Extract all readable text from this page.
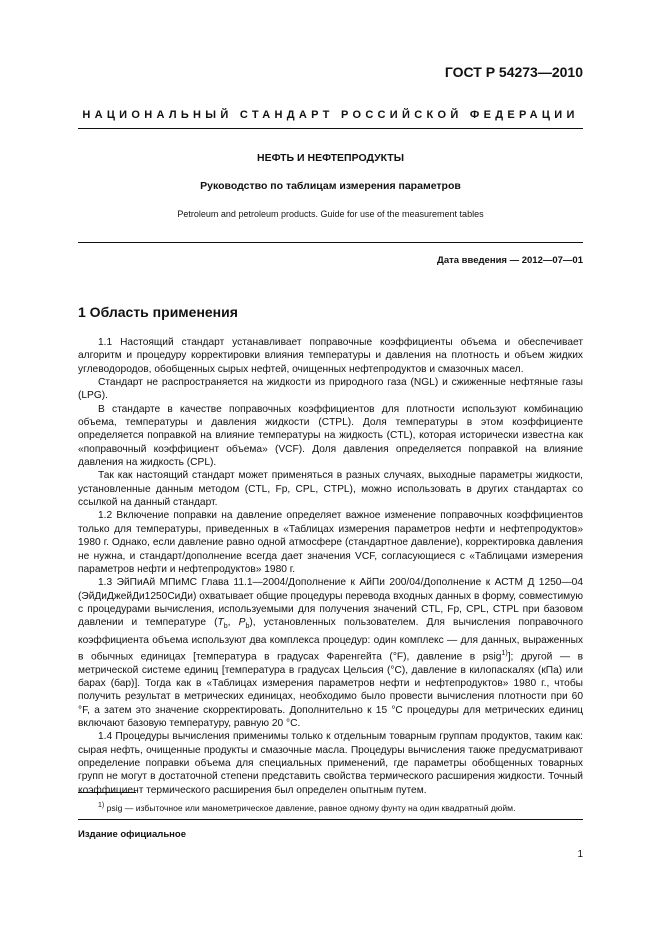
ГОСТ Р 54273—2010
НАЦИОНАЛЬНЫЙ СТАНДАРТ РОССИЙСКОЙ ФЕДЕРАЦИИ
НЕФТЬ И НЕФТЕПРОДУКТЫ
Руководство по таблицам измерения параметров
Petroleum and petroleum products. Guide for use of the measurement tables
Дата введения — 2012—07—01
1 Область применения

1.1 Настоящий стандарт устанавливает поправочные коэффициенты объема и обеспечивает алгоритм и процедуру корректировки влияния температуры и давления на плотность и объем жидких углеводородов, обобщенных сырых нефтей, очищенных нефтепродуктов и смазочных масел.

Стандарт не распространяется на жидкости из природного газа (NGL) и сжиженные нефтяные газы (LPG).

В стандарте в качестве поправочных коэффициентов для плотности используют комбинацию объема, температуры и давления жидкости (CTPL). Доля температуры в этом коэффициенте определяется поправкой на влияние температуры на жидкость (CTL), которая исторически известна как «поправочный коэффициент объема» (VCF). Доля давления определяется поправкой на влияние давления на жидкость (CPL).

Так как настоящий стандарт может применяться в разных случаях, выходные параметры жидкости, установленные данным методом (CTL, Fp, CPL, CTPL), можно использовать в других стандартах со ссылкой на данный стандарт.

1.2 Включение поправки на давление определяет важное изменение поправочных коэффициентов только для температуры, приведенных в «Таблицах измерения параметров нефти и нефтепродуктов» 1980 г. Однако, если давление равно одной атмосфере (стандартное давление), корректировка давления не нужна, и стандарт/дополнение всегда дает значения VCF, согласующиеся с «Таблицами измерения параметров нефти и нефтепродуктов» 1980 г.

1.3 ЭйПиАй МПиМС Глава 11.1—2004/Дополнение к АйПи 200/04/Дополнение к АСТМ Д 1250—04 (ЭйДиДжейДи1250СиДи) охватывает общие процедуры перевода входных данных в форму, совместимую с процедурами вычисления, используемыми для получения значений CTL, Fp, CPL, CTPL при базовом давлении и температуре ($T_b$, $P_b$), установленных пользователем. Для вычисления поправочного коэффициента объема используют два комплекса процедур: один комплекс — для данных, выраженных в обычных единицах [температура в градусах Фаренгейта (°F), давление в psig$^{1)}$]; другой — в метрической системе единиц [температура в градусах Цельсия (°С), давление в килопаскалях (кПа) или барах (бар)]. Тогда как в «Таблицах измерения параметров нефти и нефтепродуктов» 1980 г., чтобы получить результат в метрических единицах, необходимо было провести вычисления плотности при 60 °F, а затем это значение скорректировать. Дополнительно к 15 °С процедуры для метрических единиц включают базовую температуру, равную 20 °С.

1.4 Процедуры вычисления применимы только к отдельным товарным группам продуктов, таким как: сырая нефть, очищенные продукты и смазочные масла. Процедуры вычисления также предусматривают определение поправки объема для специальных применений, где параметры обобщенных товарных групп не могут в достаточной степени представить свойства термического расширения жидкости. Точный коэффициент термического расширения был определен опытным путем.

$^{1)}$ psig — избыточное или манометрическое давление, равное одному фунту на один квадратный дюйм.
Издание официальное
1
